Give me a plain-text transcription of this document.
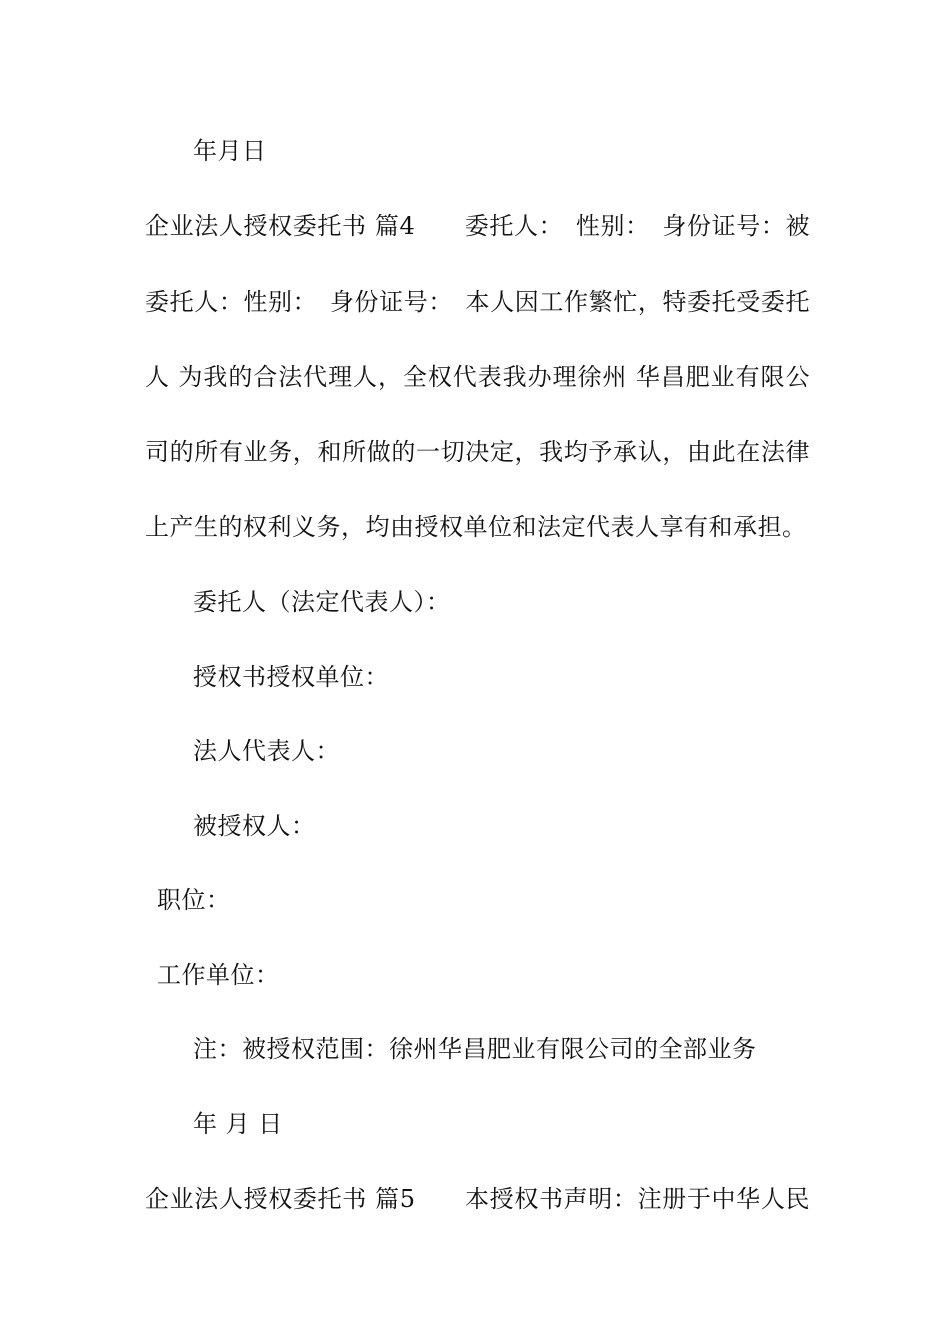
年月日
企业法人授权委托书 篇4　　委托人：　性别：　身份证号：被
委托人：性别：　身份证号：　本人因工作繁忙，特委托受委托
人 为我的合法代理人，全权代表我办理徐州 华昌肥业有限公
司的所有业务，和所做的一切决定，我均予承认，由此在法律
上产生的权利义务，均由授权单位和法定代表人享有和承担。
委托人（法定代表人）：
授权书授权单位：
法人代表人：
被授权人：
职位：
工作单位：
注：被授权范围：徐州华昌肥业有限公司的全部业务
年 月 日
企业法人授权委托书 篇5　　本授权书声明：注册于中华人民
